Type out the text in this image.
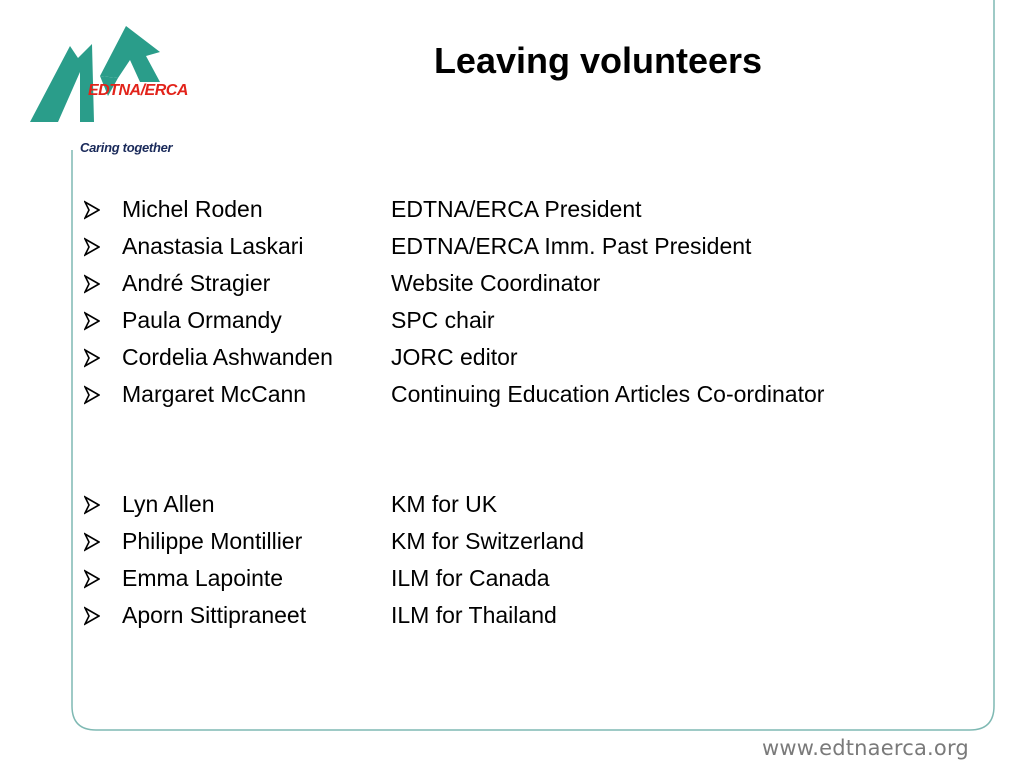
EDTNA/ERCA
Caring together
Leaving volunteers
Michel Roden	EDTNA/ERCA President
Anastasia Laskari	EDTNA/ERCA Imm. Past President
André Stragier	Website Coordinator
Paula Ormandy	SPC chair
Cordelia Ashwanden	JORC editor
Margaret McCann	Continuing Education Articles Co-ordinator
Lyn Allen	KM for UK
Philippe Montillier	KM for Switzerland
Emma Lapointe	ILM for Canada
Aporn Sittipraneet	ILM for Thailand
www.edtnaerca.org
